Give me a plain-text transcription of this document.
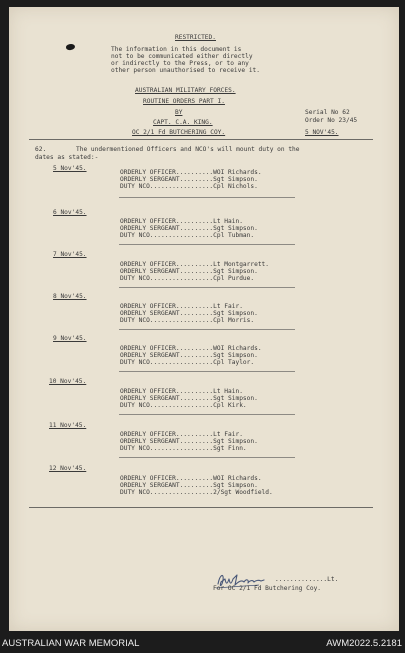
RESTRICTED.
The information in this document is
not to be communicated either directly
or indirectly to the Press, or to any
other person unauthorised to receive it.
AUSTRALIAN MILITARY FORCES.
ROUTINE ORDERS PART I.
BY
CAPT. C.A. KING.
OC 2/1 Fd BUTCHERING COY.
Serial No 62
Order No 23/45
5 NOV'45.
62.	The undermentioned Officers and NCO's will mount duty on the
dates as stated:-
5 Nov'45.
ORDERLY OFFICER..........WOI Richards.
ORDERLY SERGEANT.........Sgt Simpson.
DUTY NCO.................Cpl Nichols.
6 Nov'45.
ORDERLY OFFICER..........Lt Hain.
ORDERLY SERGEANT.........Sgt Simpson.
DUTY NCO.................Cpl Tubman.
7 Nov'45.
ORDERLY OFFICER..........Lt Montgarrett.
ORDERLY SERGEANT.........Sgt Simpson.
DUTY NCO.................Cpl Purdue.
8 Nov'45.
ORDERLY OFFICER..........Lt Fair.
ORDERLY SERGEANT.........Sgt Simpson.
DUTY NCO.................Cpl Morris.
9 Nov'45.
ORDERLY OFFICER..........WOI Richards.
ORDERLY SERGEANT.........Sgt Simpson.
DUTY NCO.................Cpl Taylor.
10 Nov'45.
ORDERLY OFFICER..........Lt Hain.
ORDERLY SERGEANT.........Sgt Simpson.
DUTY NCO.................Cpl Kirk.
11 Nov'45.
ORDERLY OFFICER..........Lt Fair.
ORDERLY SERGEANT.........Sgt Simpson.
DUTY NCO.................Sgt Finn.
12 Nov'45.
ORDERLY OFFICER..........WOI Richards.
ORDERLY SERGEANT.........Sgt Simpson.
DUTY NCO.................2/Sgt Woodfield.
..............Lt.
For OC 2/1 Fd Butchering Coy.
AUSTRALIAN WAR MEMORIAL	AWM2022.5.2181
